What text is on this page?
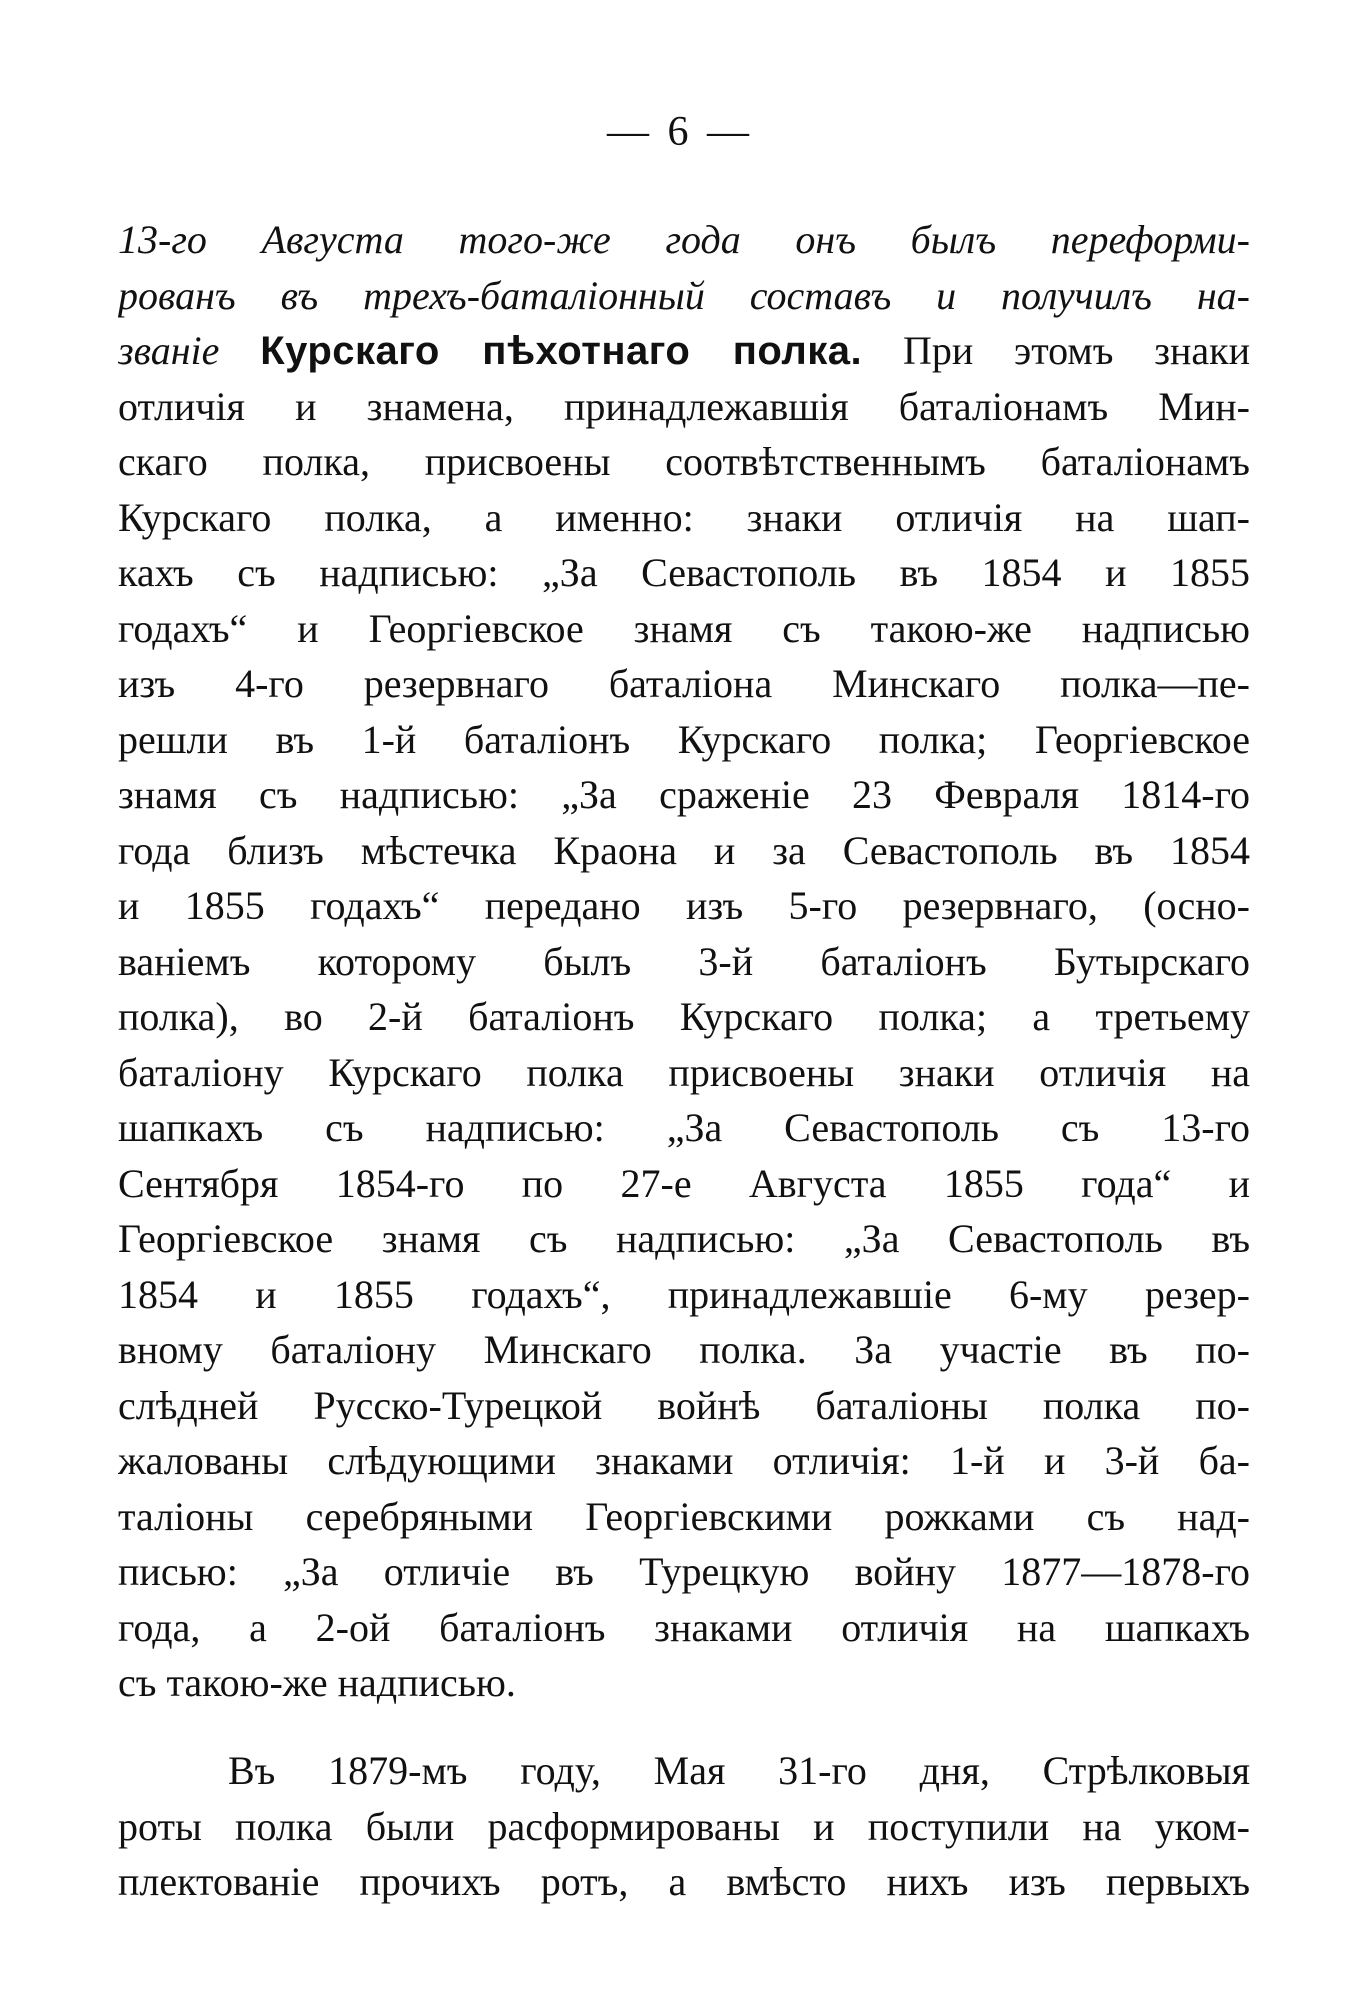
— 6 —
13-го Августа того-же года онъ былъ переформи-
рованъ въ трехъ-баталіонный составъ и получилъ на-
званіе Курскаго пѣхотнаго полка. При этомъ знаки
отличія и знамена, принадлежавшія баталіонамъ Мин-
скаго полка, присвоены соотвѣтственнымъ баталіонамъ
Курскаго полка, а именно: знаки отличія на шап-
кахъ съ надписью: „За Севастополь въ 1854 и 1855
годахъ“ и Георгіевское знамя съ такою-же надписью
изъ 4-го резервнаго баталіона Минскаго полка—пе-
решли въ 1-й баталіонъ Курскаго полка; Георгіевское
знамя съ надписью: „За сраженіе 23 Февраля 1814-го
года близъ мѣстечка Краона и за Севастополь въ 1854
и 1855 годахъ“ передано изъ 5-го резервнаго, (осно-
ваніемъ которому былъ 3-й баталіонъ Бутырскаго
полка), во 2-й баталіонъ Курскаго полка; а третьему
баталіону Курскаго полка присвоены знаки отличія на
шапкахъ съ надписью: „За Севастополь съ 13-го
Сентября 1854-го по 27-е Августа 1855 года“ и
Георгіевское знамя съ надписью: „За Севастополь въ
1854 и 1855 годахъ“, принадлежавшіе 6-му резер-
вному баталіону Минскаго полка. За участіе въ по-
слѣдней Русско-Турецкой войнѣ баталіоны полка по-
жалованы слѣдующими знаками отличія: 1-й и 3-й ба-
таліоны серебряными Георгіевскими рожками съ над-
писью: „За отличіе въ Турецкую войну 1877—1878-го
года, а 2-ой баталіонъ знаками отличія на шапкахъ
съ такою-же надписью.
Въ 1879-мъ году, Мая 31-го дня, Стрѣлковыя
роты полка были расформированы и поступили на уком-
плектованіе прочихъ ротъ, а вмѣсто нихъ изъ первыхъ
